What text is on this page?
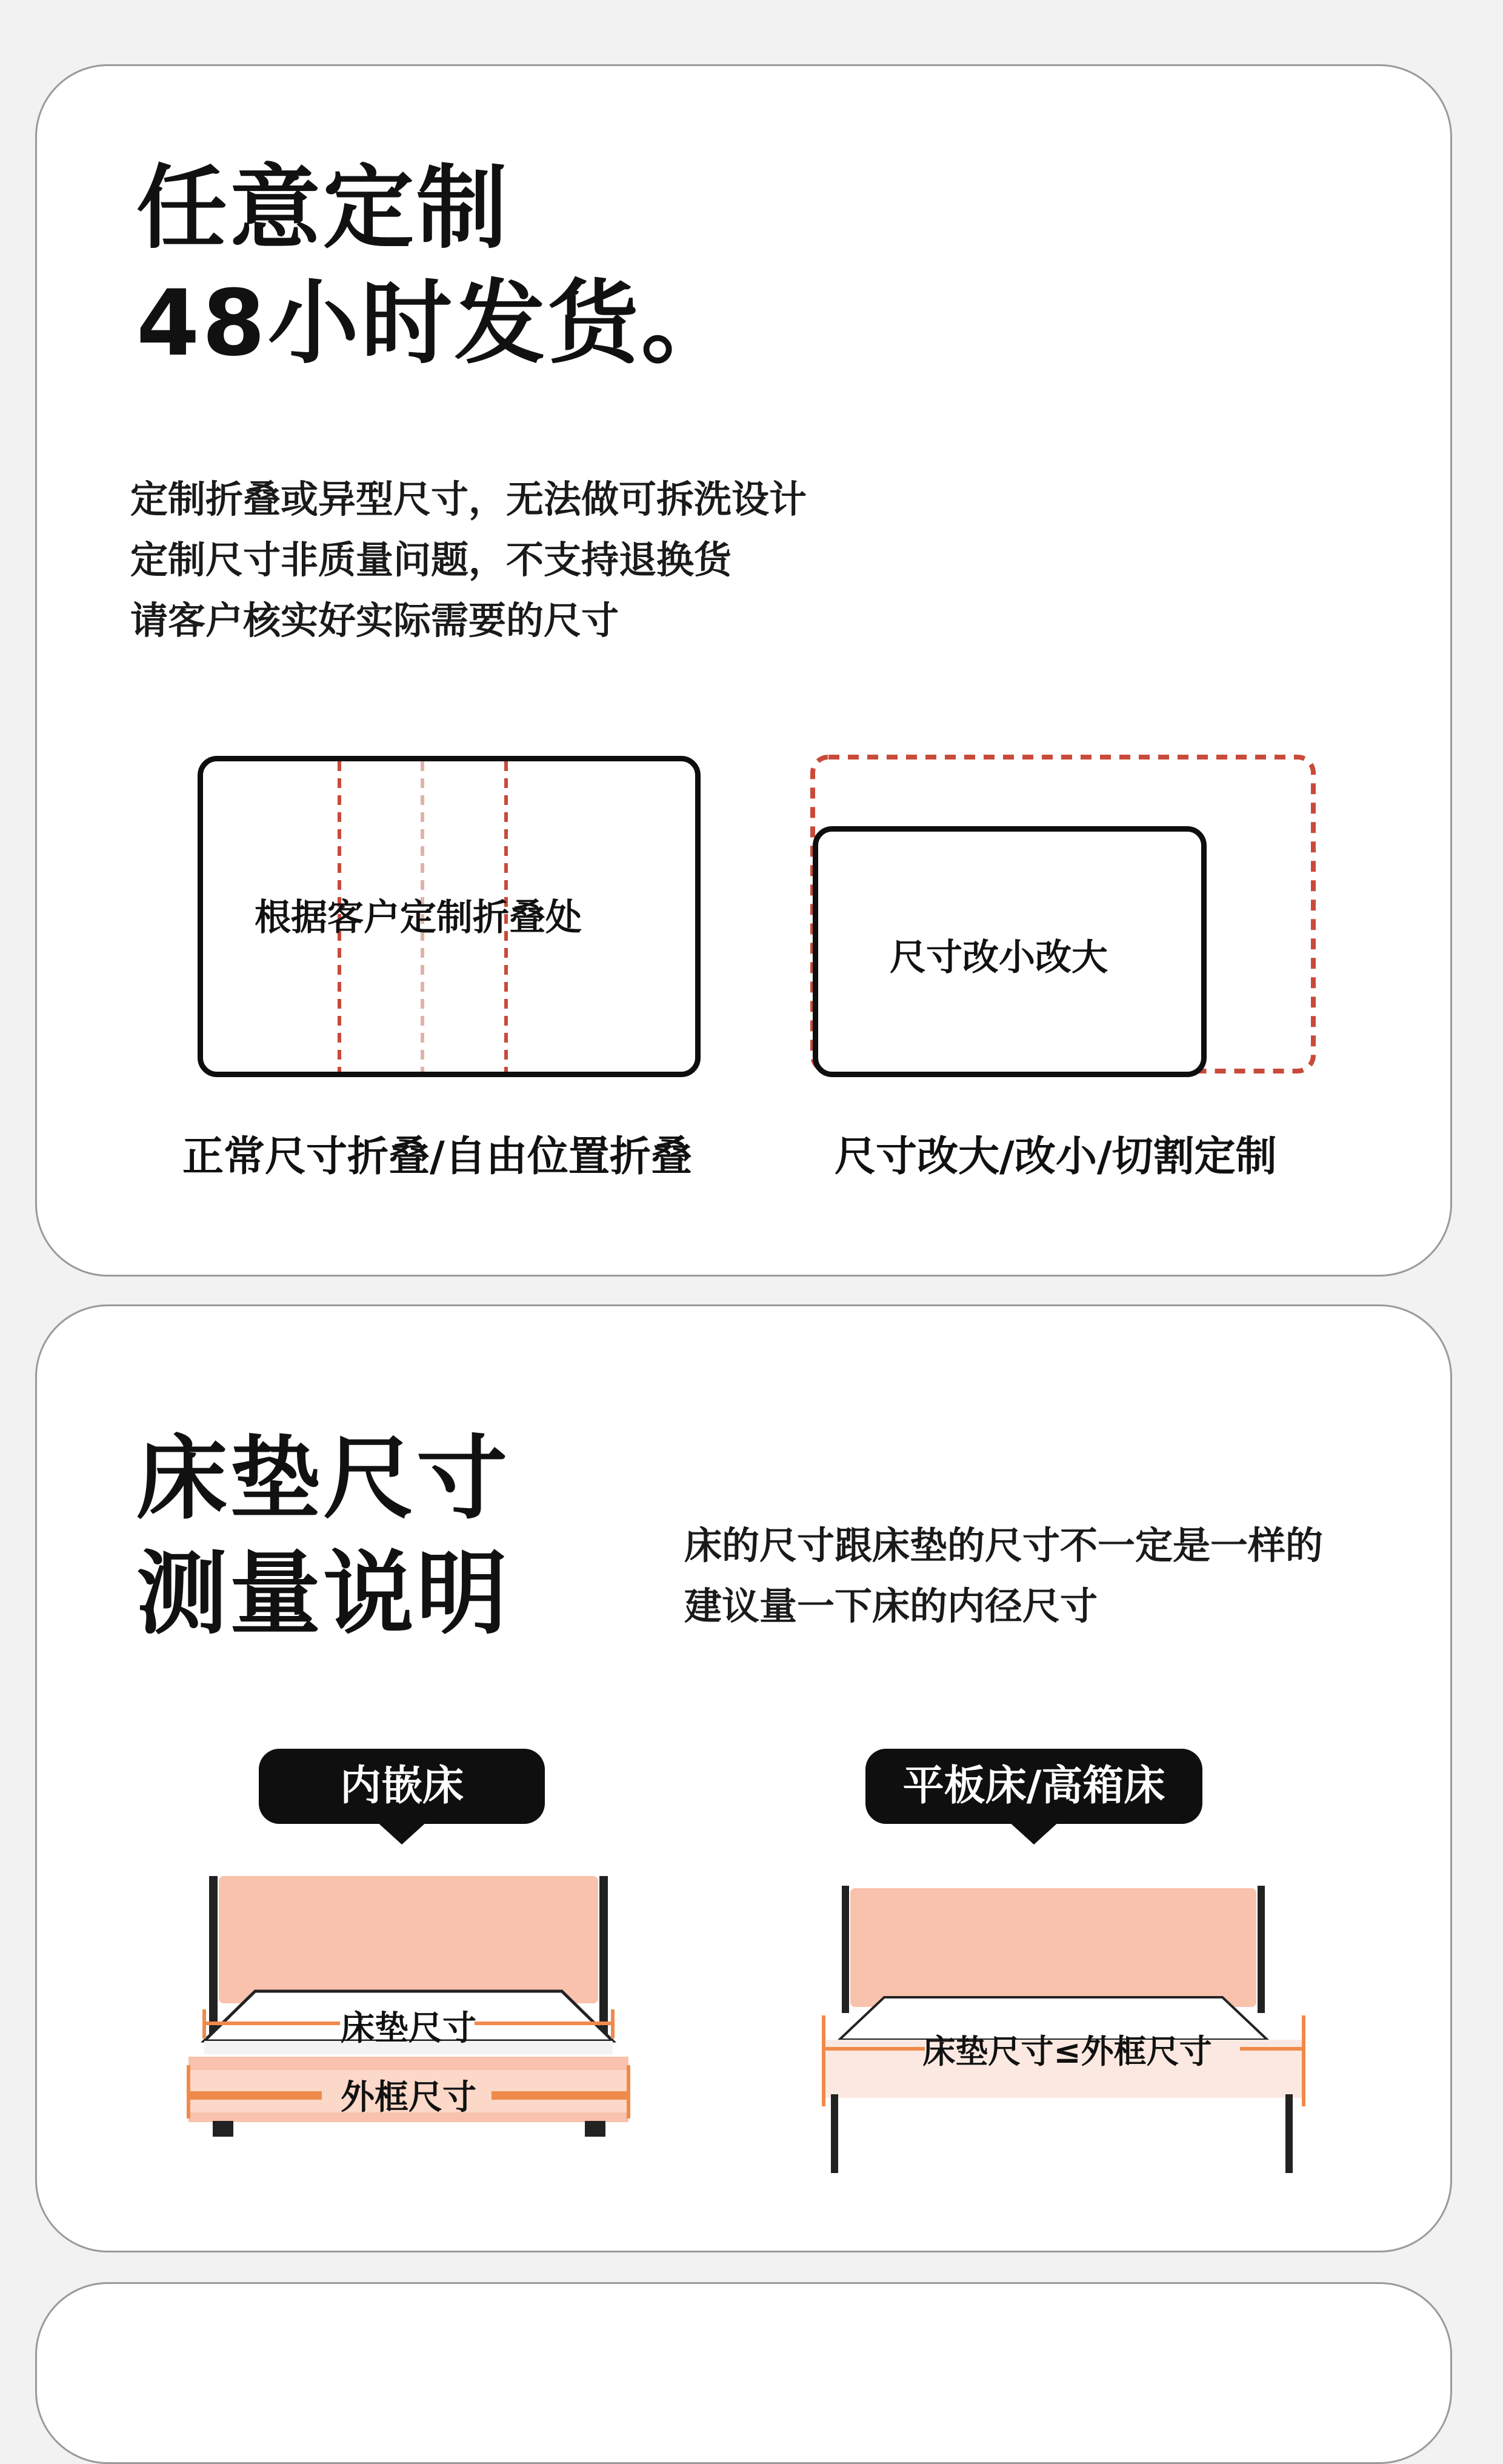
任意定制
48小时发货。
定制折叠或异型尺寸，无法做可拆洗设计
定制尺寸非质量问题，不支持退换货
请客户核实好实际需要的尺寸
根据客户定制折叠处
尺寸改小改大
正常尺寸折叠/自由位置折叠	尺寸改大/改小/切割定制
床垫尺寸
测量说明	床的尺寸跟床垫的尺寸不一定是一样的
建议量一下床的内径尺寸
内嵌床	平板床/高箱床
床垫尺寸
外框尺寸
床垫尺寸≤外框尺寸
